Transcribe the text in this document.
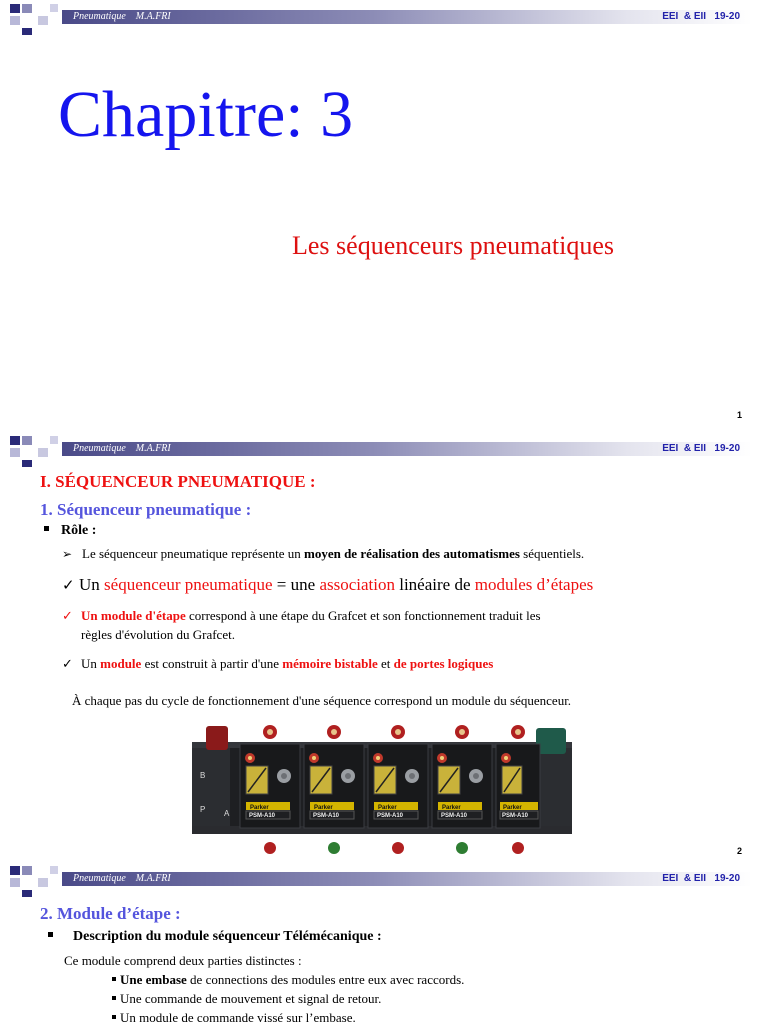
Pneumatique    M.A.FRI	EEI  & EII   19-20
Chapitre: 3
Les séquenceurs pneumatiques
1
Pneumatique    M.A.FRI	EEI  & EII   19-20
I. SÉQUENCEUR PNEUMATIQUE :
1. Séquenceur pneumatique :
Rôle :
➢ Le séquenceur pneumatique représente un moyen de réalisation des automatismes séquentiels.
✓ Un séquenceur pneumatique = une association linéaire de modules d’étapes
✓ Un module d'étape correspond à une étape du Grafcet et son fonctionnement traduit les
règles d'évolution du Grafcet.
✓ Un module est construit à partir d'une mémoire bistable et de portes logiques
À chaque pas du cycle de fonctionnement d'une séquence correspond un module du séquenceur.
B
P A
Parker
PSM-A10
Parker
PSM-A10
Parker
PSM-A10
Parker
PSM-A10
Parker
PSM-A10
2
Pneumatique    M.A.FRI	EEI  & EII   19-20
2. Module d’étape :
Description du module séquenceur Télémécanique :
Ce module comprend deux parties distinctes :
Une embase de connections des modules entre eux avec raccords.
Une commande de mouvement et signal de retour.
Un module de commande vissé sur l’embase.
